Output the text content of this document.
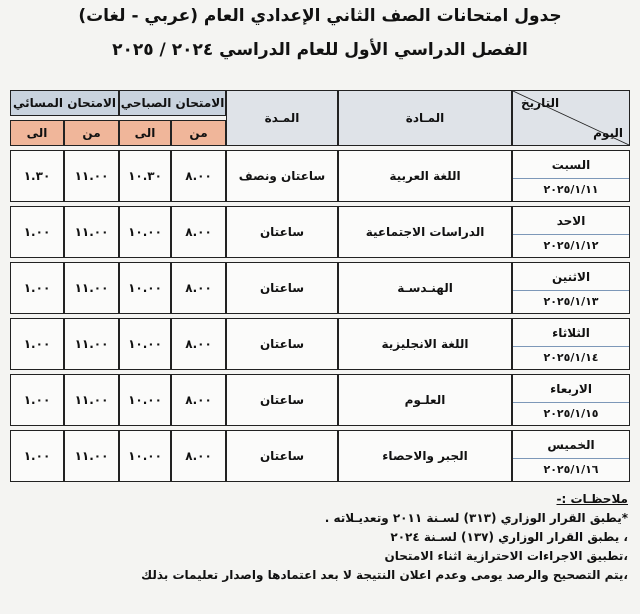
جدول امتحانات الصف الثاني الإعدادي العام (عربي - لغات)
الفصل الدراسي الأول للعام الدراسي ٢٠٢٤ / ٢٠٢٥
التاريخ
اليوم	المـادة	المـدة	الامتحان الصباحي		الامتحان المسائي	
			من	الى	من	الى

السبت
٢٠٢٥/١/١١	اللغة العربية	ساعتان ونصف	٨.٠٠	١٠.٣٠	١١.٠٠	١.٣٠

الاحد
٢٠٢٥/١/١٢	الدراسات الاجتماعية	ساعتان	٨.٠٠	١٠.٠٠	١١.٠٠	١.٠٠

الاثنين
٢٠٢٥/١/١٣	الهنـدسـة	ساعتان	٨.٠٠	١٠.٠٠	١١.٠٠	١.٠٠

الثلاثاء
٢٠٢٥/١/١٤	اللغة الانجليزية	ساعتان	٨.٠٠	١٠.٠٠	١١.٠٠	١.٠٠

الاربعاء
٢٠٢٥/١/١٥	العلـوم	ساعتان	٨.٠٠	١٠.٠٠	١١.٠٠	١.٠٠

الخميس
٢٠٢٥/١/١٦	الجبر والاحصاء	ساعتان	٨.٠٠	١٠.٠٠	١١.٠٠	١.٠٠
ملاحظـات :-
*يطبق القرار الوزاري (٣١٣) لسـنة ٢٠١١ وتعديـلاته .
، يطبق القرار الوزاري (١٣٧) لسـنة ٢٠٢٤
،تطبيق الاجراءات الاحترازية اثناء الامتحان
،يتم التصحيح والرصد يومى وعدم اعلان النتيجة لا بعد اعتمادها واصدار تعليمات بذلك
